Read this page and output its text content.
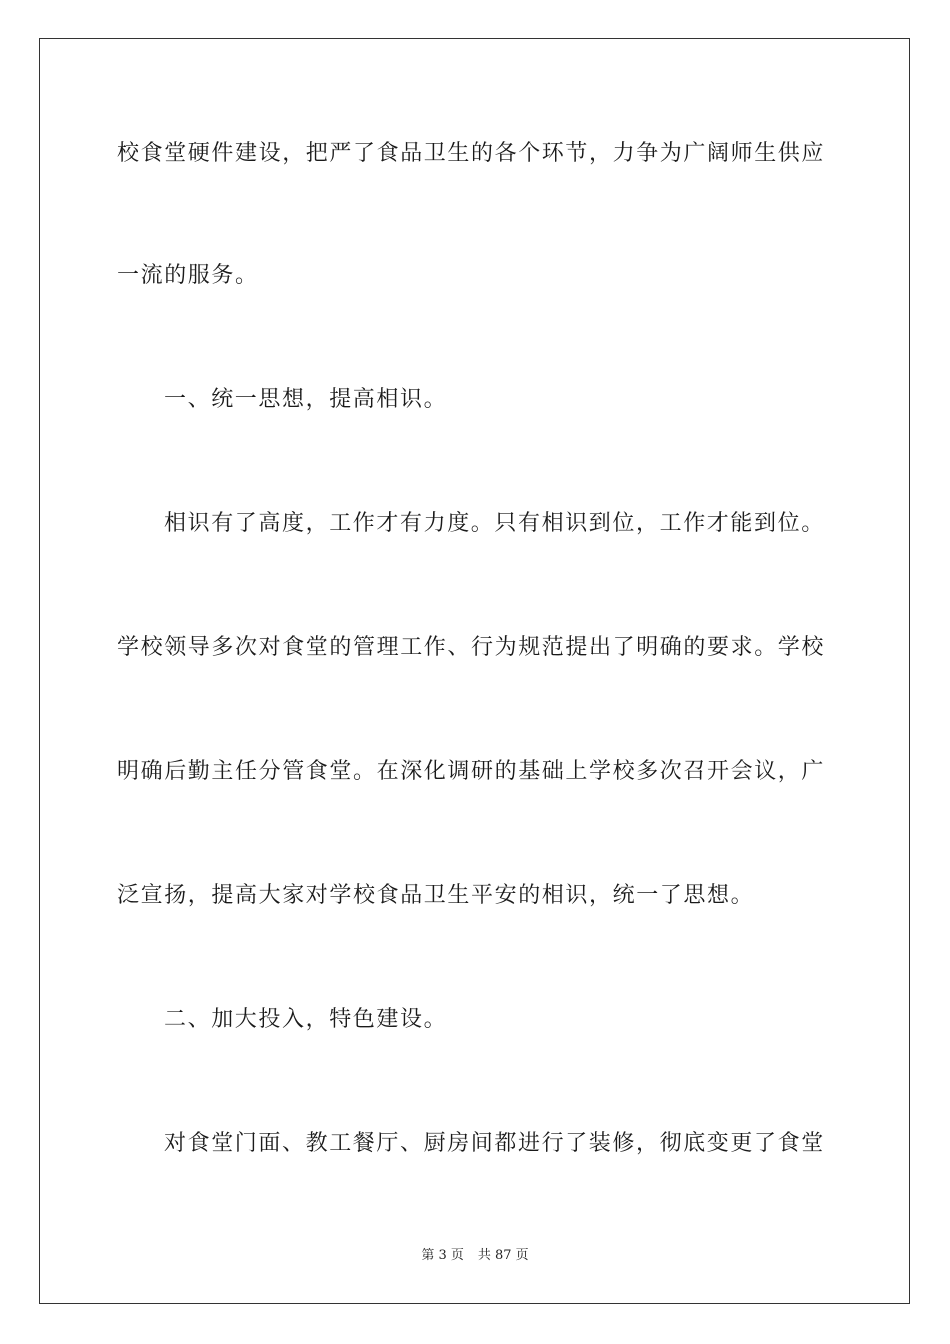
校食堂硬件建设，把严了食品卫生的各个环节，力争为广阔师生供应
一流的服务。
一、统一思想，提高相识。
相识有了高度，工作才有力度。只有相识到位，工作才能到位。
学校领导多次对食堂的管理工作、行为规范提出了明确的要求。学校
明确后勤主任分管食堂。在深化调研的基础上学校多次召开会议，广
泛宣扬，提高大家对学校食品卫生平安的相识，统一了思想。
二、加大投入，特色建设。
对食堂门面、教工餐厅、厨房间都进行了装修，彻底变更了食堂
第 3 页 共 87 页
